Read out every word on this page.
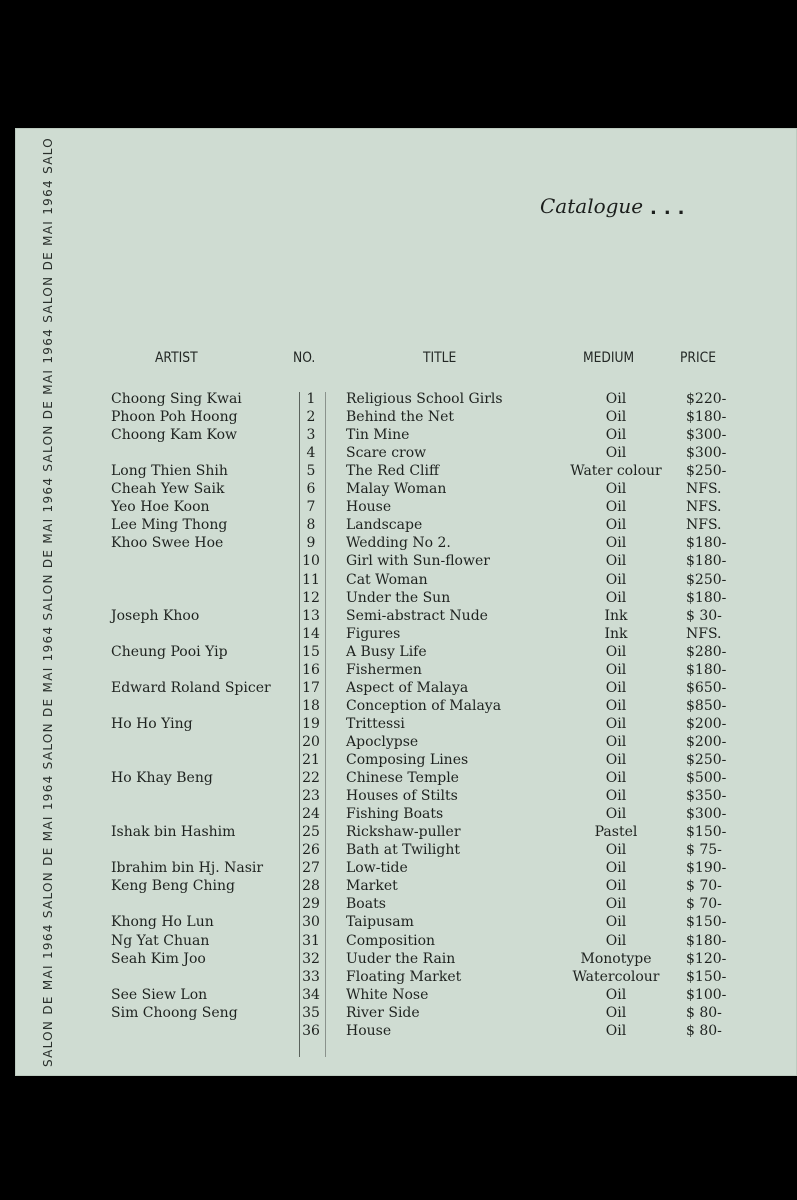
SALON DE MAI 1964 SALON DE MAI 1964 SALON DE MAI 1964 SALON DE MAI 1964 SALON DE MAI 1964 SALON DE MAI 1964 SALO	Catalogue ...
ARTIST	NO.	TITLE	MEDIUM	PRICE
Choong Sing Kwai	1	Religious School Girls	Oil	$220-
Phoon Poh Hoong	2	Behind the Net	Oil	$180-
Choong Kam Kow	3	Tin Mine	Oil	$300-
4	Scare crow	Oil	$300-
Long Thien Shih	5	The Red Cliff	Water colour	$250-
Cheah Yew Saik	6	Malay Woman	Oil	NFS.
Yeo Hoe Koon	7	House	Oil	NFS.
Lee Ming Thong	8	Landscape	Oil	NFS.
Khoo Swee Hoe	9	Wedding No 2.	Oil	$180-
10 Girl with Sun-flower	Oil	$180-
11 Cat Woman	Oil	$250-
12 Under the Sun	Oil	$180-
Joseph Khoo	13 Semi-abstract Nude	Ink	$ 30-
14 Figures	Ink	NFS.
Cheung Pooi Yip	15 A Busy Life	Oil	$280-
16 Fishermen	Oil	$180-
Edward Roland Spicer 17 Aspect of Malaya	Oil	$650-
18 Conception of Malaya	Oil	$850-
Ho Ho Ying	19 Trittessi	Oil	$200-
20 Apoclypse	Oil	$200-
21 Composing Lines	Oil	$250-
Ho Khay Beng	22 Chinese Temple	Oil	$500-
23 Houses of Stilts	Oil	$350-
24 Fishing Boats	Oil	$300-
Ishak bin Hashim	25 Rickshaw-puller	Pastel	$150-
26 Bath at Twilight	Oil	$ 75-
Ibrahim bin Hj. Nasir	27 Low-tide	Oil	$190-
Keng Beng Ching	28 Market	Oil	$ 70-
29 Boats	Oil	$ 70-
Khong Ho Lun	30 Taipusam	Oil	$150-
Ng Yat Chuan	31 Composition	Oil	$180-
Seah Kim Joo	32 Uuder the Rain	Monotype	$120-
33 Floating Market	Watercolour	$150-
See Siew Lon	34 White Nose	Oil	$100-
Sim Choong Seng	35 River Side	Oil	$ 80-
36 House	Oil	$ 80-
